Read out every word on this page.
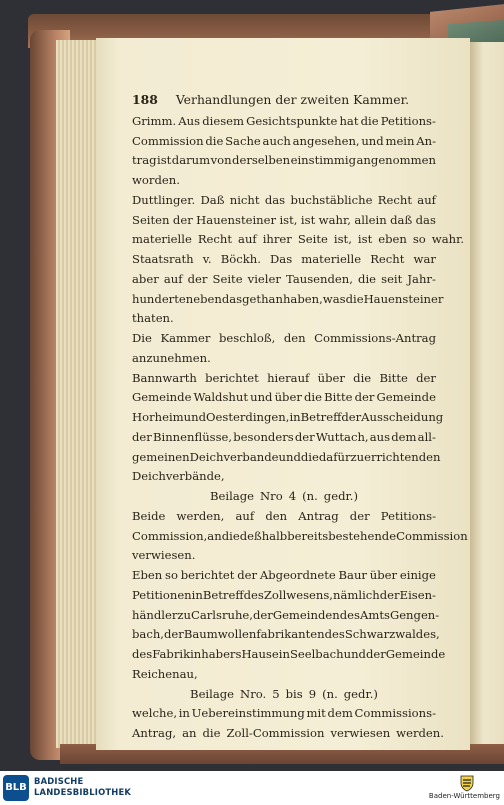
188 Verhandlungen der zweiten Kammer.
Grimm. Aus diesem Gesichtspunkte hat die Petitions-
Commission die Sache auch angesehen, und mein An-
trag ist darum von derselben einstimmig angenommen
worden.
Duttlinger. Daß nicht das buchstäbliche Recht auf
Seiten der Hauensteiner ist, ist wahr, allein daß das
materielle Recht auf ihrer Seite ist, ist eben so wahr.
Staatsrath v. Böckh. Das materielle Recht war
aber auf der Seite vieler Tausenden, die seit Jahr-
hunderten eben das gethan haben, was die Hauensteiner
thaten.
Die Kammer beschloß, den Commissions-Antrag
anzunehmen.
Bannwarth berichtet hierauf über die Bitte der
Gemeinde Waldshut und über die Bitte der Gemeinde
Horheim und Oesterdingen, in Betreff der Ausscheidung
der Binnenflüsse, besonders der Wuttach, aus dem all-
gemeinen Deichverbande und die dafür zu errichtenden
Deichverbände,
Beilage Nro 4 (n. gedr.)
Beide werden, auf den Antrag der Petitions-
Commission, an die deßhalb bereits bestehende Commission
verwiesen.
Eben so berichtet der Abgeordnete Baur über einige
Petitionen in Betreff des Zollwesens, nämlich der Eisen-
händler zu Carlsruhe, der Gemeinden des Amts Gengen-
bach, der Baumwollenfabrikanten des Schwarzwaldes,
des Fabrikinhabers Hause in Seelbach und der Gemeinde
Reichenau,
Beilage Nro. 5 bis 9 (n. gedr.)
welche, in Uebereinstimmung mit dem Commissions-
Antrag, an die Zoll-Commission verwiesen werden.
BLB
BADISCHE
LANDESBIBLIOTHEK	Baden-Württemberg
